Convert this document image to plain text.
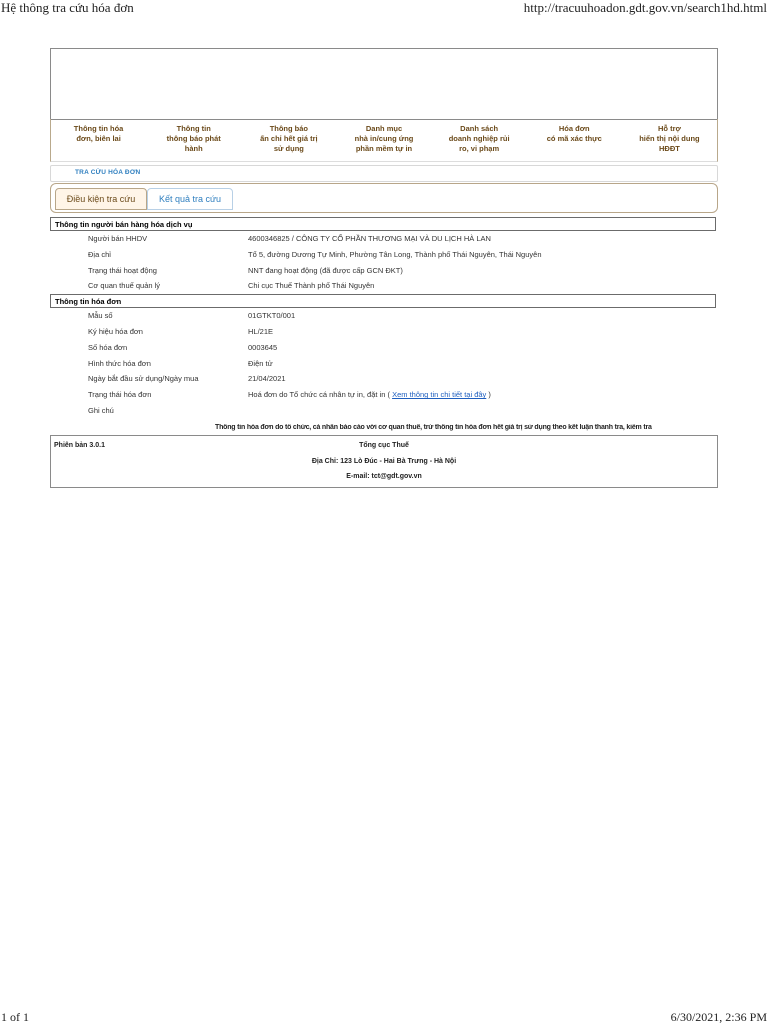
Hệ thông tra cứu hóa đơn	http://tracuuhoadon.gdt.gov.vn/search1hd.html
Thông tin hóa
đơn, biên lai
Thông tin
thông báo phát
hành
Thông báo
ấn chỉ hết giá trị
sử dụng
Danh mục
nhà in/cung ứng
phần mềm tự in
Danh sách
doanh nghiệp rủi
ro, vi phạm
Hóa đơn
có mã xác thực
Hỗ trợ
hiển thị nội dung
HĐĐT
TRA CỨU HÓA ĐƠN
Điều kiện tra cứu	Kết quả tra cứu
Thông tin người bán hàng hóa dịch vụ
Người bán HHDV	4600346825 / CÔNG TY CỔ PHẦN THƯƠNG MẠI VÀ DU LỊCH HÀ LAN
Địa chỉ	Tổ 5, đường Dương Tự Minh, Phường Tân Long, Thành phố Thái Nguyên, Thái Nguyên
Trạng thái hoạt động	NNT đang hoạt động (đã được cấp GCN ĐKT)
Cơ quan thuế quản lý	Chi cục Thuế Thành phố Thái Nguyên
Thông tin hóa đơn
Mẫu số	01GTKT0/001
Ký hiệu hóa đơn	HL/21E
Số hóa đơn	0003645
Hình thức hóa đơn	Điện tử
Ngày bắt đầu sử dụng/Ngày mua	21/04/2021
Trạng thái hóa đơn	Hoá đơn do Tổ chức cá nhân tự in, đặt in ( Xem thông tin chi tiết tại đây )
Ghi chú
Thông tin hóa đơn do tổ chức, cá nhân báo cáo với cơ quan thuế, trừ thông tin hóa đơn hết giá trị sử dụng theo kết luận thanh tra, kiểm tra
Phiên bản 3.0.1	Tổng cục Thuế
Địa Chỉ: 123 Lò Đúc - Hai Bà Trưng - Hà Nội
E-mail: tct@gdt.gov.vn
1 of 1	6/30/2021, 2:36 PM
